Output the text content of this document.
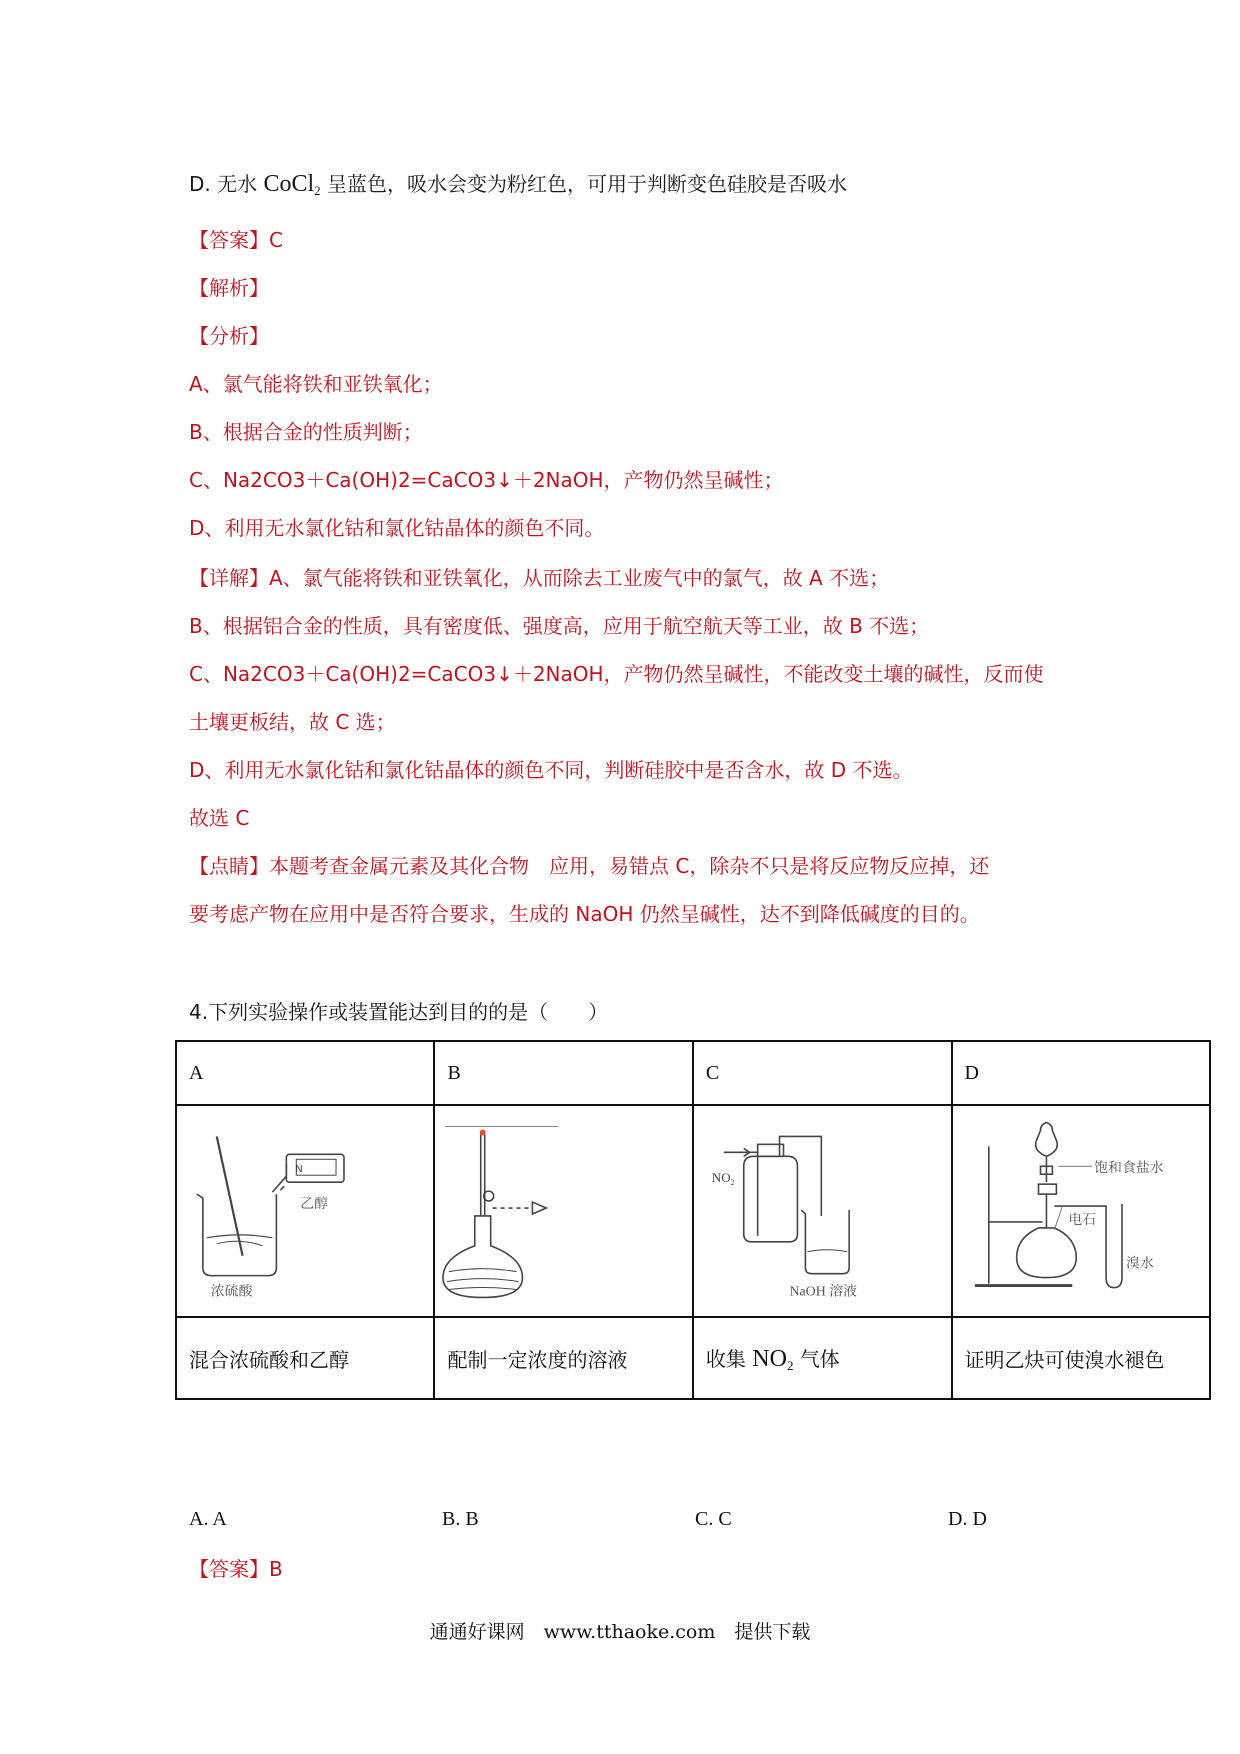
D. 无水 CoCl$_2$ 呈蓝色，吸水会变为粉红色，可用于判断变色硅胶是否吸水
【答案】C
【解析】
【分析】
A、氯气能将铁和亚铁氧化；
B、根据合金的性质判断；
C、Na2CO3＋Ca(OH)2=CaCO3↓＋2NaOH，产物仍然呈碱性；
D、利用无水氯化钴和氯化钴晶体的颜色不同。
【详解】A、氯气能将铁和亚铁氧化，从而除去工业废气中的氯气，故 A 不选；
B、根据铝合金的性质，具有密度低、强度高，应用于航空航天等工业，故 B 不选；
C、Na2CO3＋Ca(OH)2=CaCO3↓＋2NaOH，产物仍然呈碱性，不能改变土壤的碱性，反而使
土壤更板结，故 C 选；
D、利用无水氯化钴和氯化钴晶体的颜色不同，判断硅胶中是否含水，故 D 不选。
故选 C
【点睛】本题考查金属元素及其化合物　应用，易错点 C，除杂不只是将反应物反应掉，还
要考虑产物在应用中是否符合要求，生成的 NaOH 仍然呈碱性，达不到降低碱度的目的。
4.下列实验操作或装置能达到目的的是（　　）
A	B	C	D

N
乙醇
浓硫酸		$NO_2$
NaOH 溶液	饱和食盐水
电石
溴水

混合浓硫酸和乙醇	配制一定浓度的溶液	收集 $NO_2$ 气体	证明乙炔可使溴水褪色
A. A	B. B	C. C	D. D
【答案】B
通通好课网　www.tthaoke.com　提供下载
